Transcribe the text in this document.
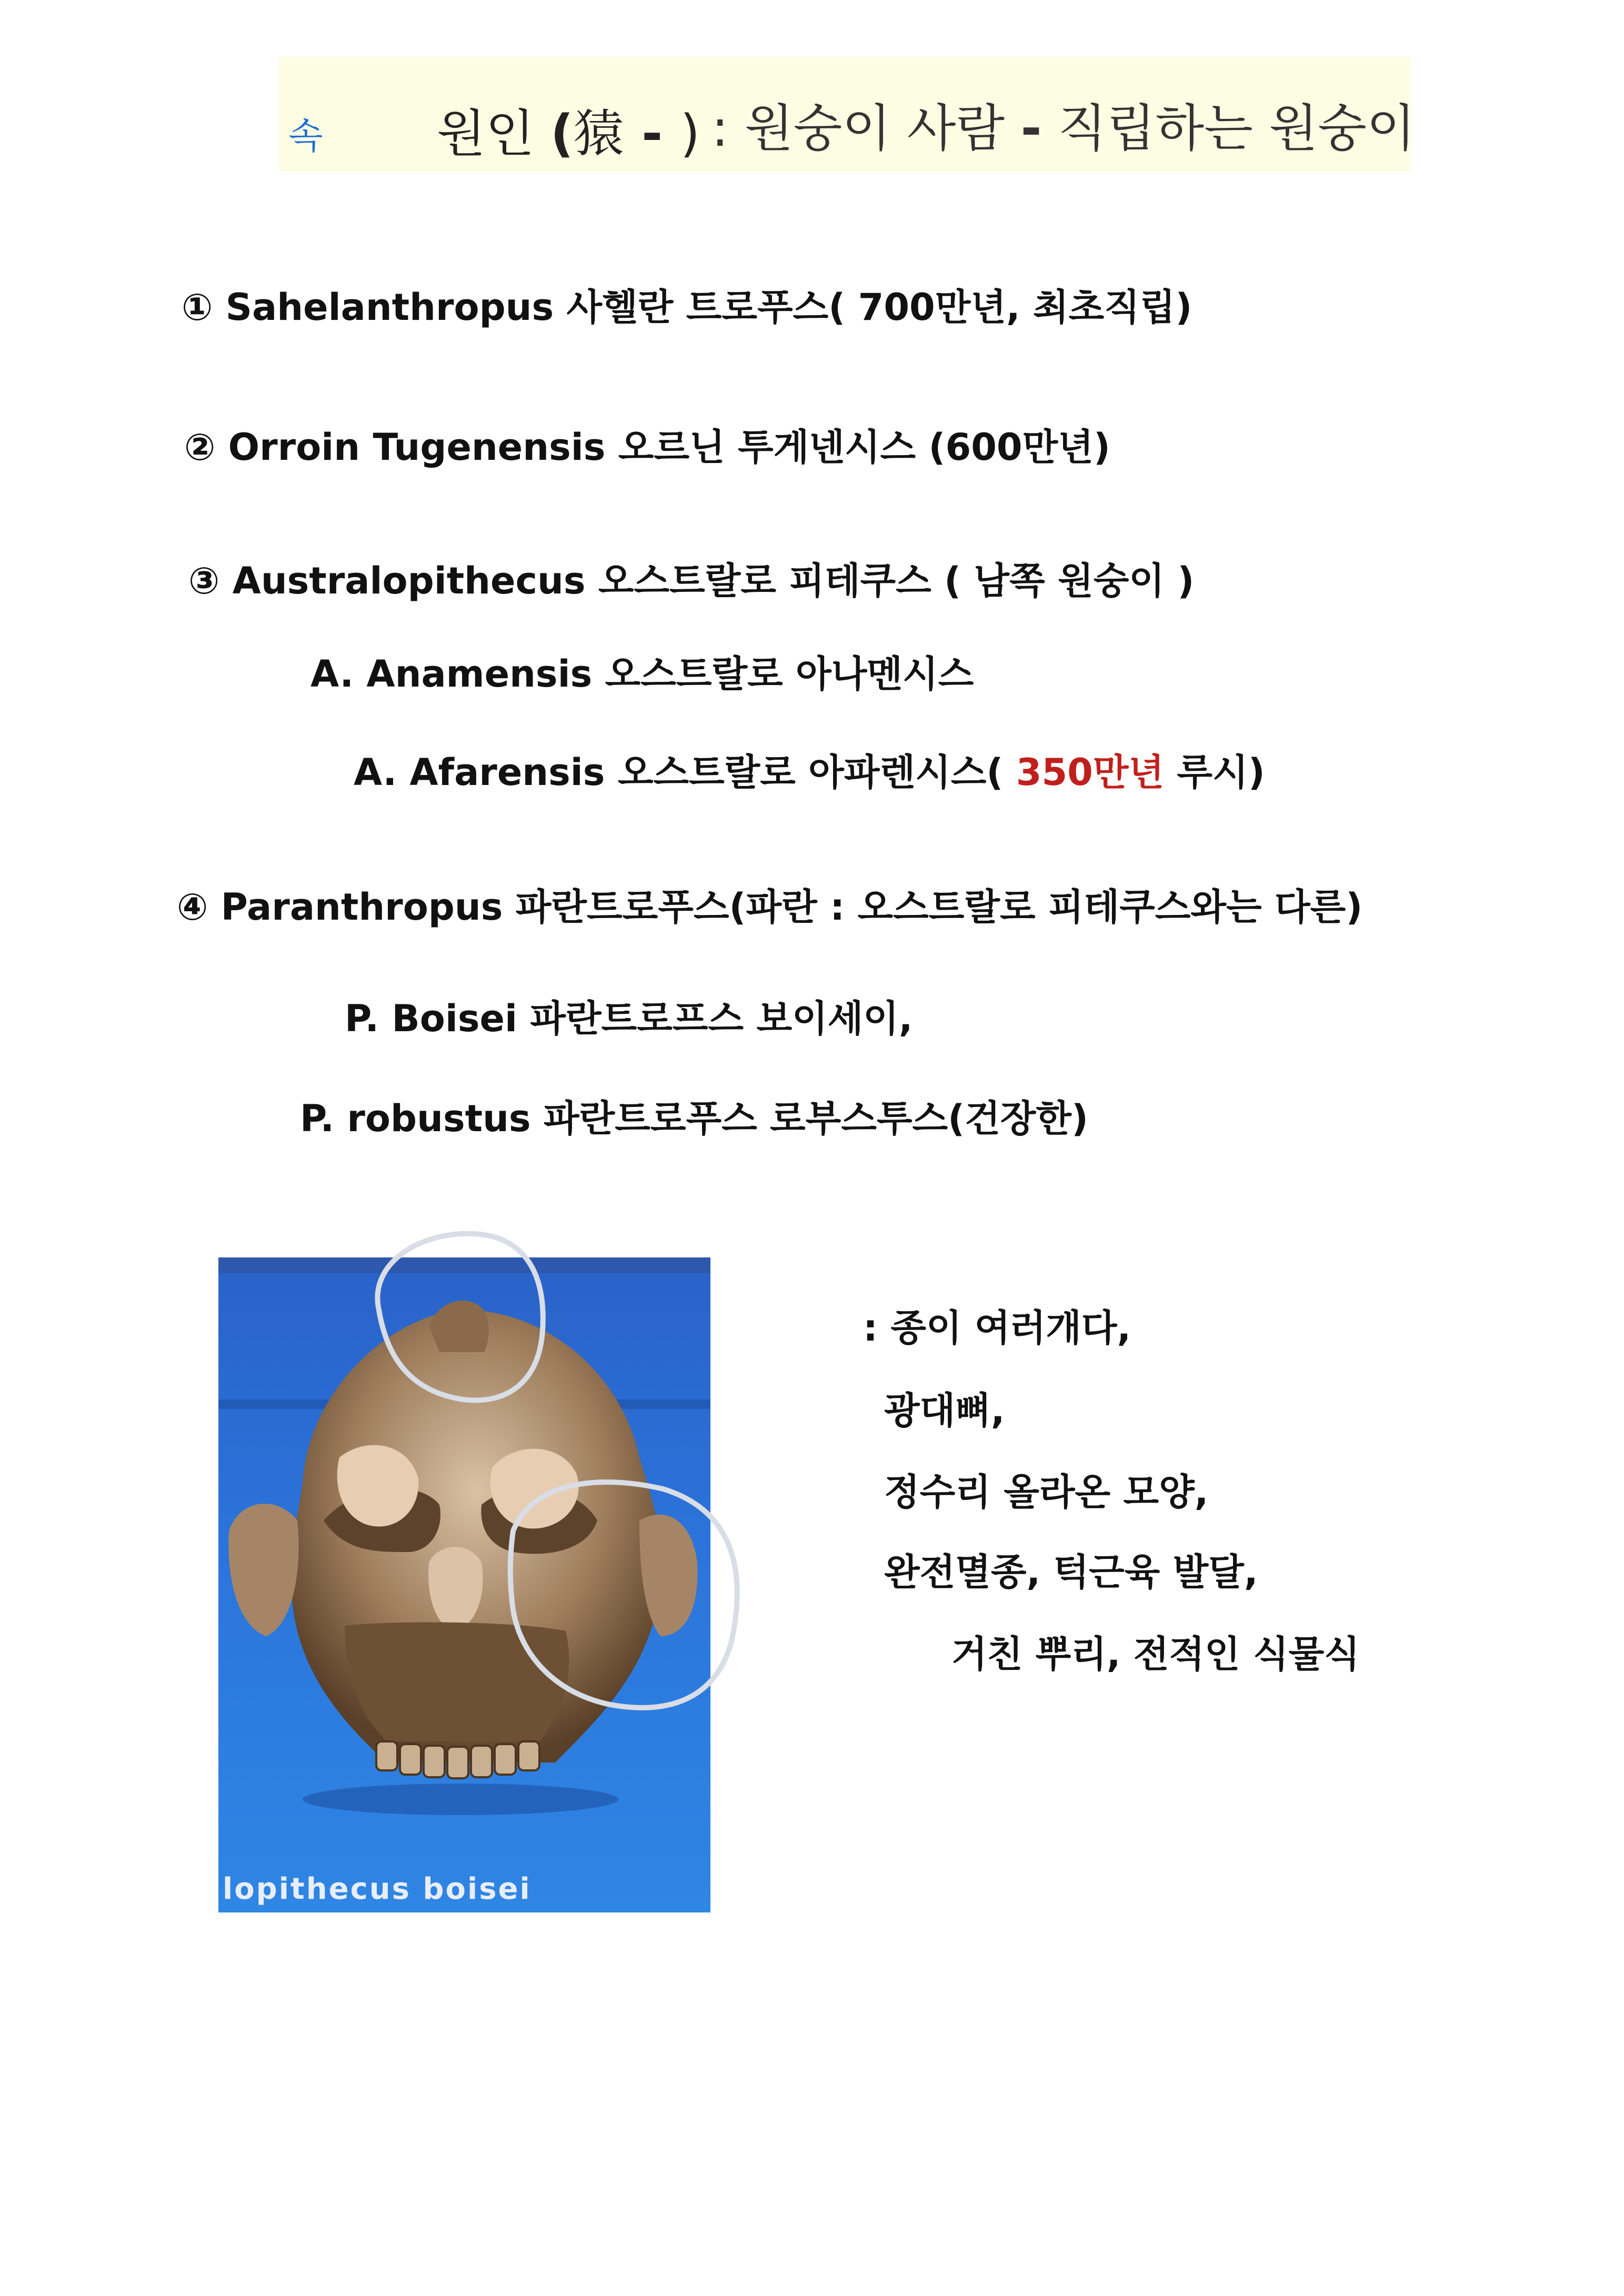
속 원인 (猿 - ) : 원숭이 사람 - 직립하는 원숭이
① Sahelanthropus 사헬란 트로푸스( 700만년, 최초직립)
② Orroin Tugenensis 오르닌 투게넨시스 (600만년)
③ Australopithecus 오스트랄로 피테쿠스 ( 남쪽 원숭이 )
A. Anamensis 오스트랄로 아나멘시스
A. Afarensis 오스트랄로 아파렌시스( 350만년 루시)
④ Paranthropus 파란트로푸스(파란 : 오스트랄로 피테쿠스와는 다른)
P. Boisei 파란트로프스 보이세이,
P. robustus 파란트로푸스 로부스투스(건장한)
lopithecus boisei
: 종이 여러개다,
광대뼈,
정수리 올라온 모양,
완전멸종, 턱근육 발달,
거친 뿌리, 전적인 식물식
